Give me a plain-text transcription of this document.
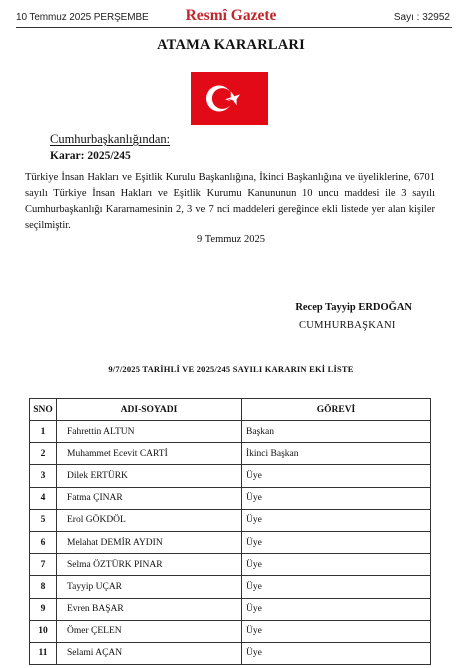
10 Temmuz 2025 PERŞEMBE	Resmî Gazete	Sayı : 32952
ATAMA KARARLARI
Cumhurbaşkanlığından:
Karar: 2025/245
Türkiye İnsan Hakları ve Eşitlik Kurulu Başkanlığına, İkinci Başkanlığına ve üyeliklerine, 6701 sayılı Türkiye İnsan Hakları ve Eşitlik Kurumu Kanununun 10 uncu maddesi ile 3 sayılı Cumhurbaşkanlığı Kararnamesinin 2, 3 ve 7 nci maddeleri gereğince ekli listede yer alan kişiler seçilmiştir.
9 Temmuz 2025
Recep Tayyip ERDOĞAN
CUMHURBAŞKANI
9/7/2025 TARİHLİ VE 2025/245 SAYILI KARARIN EKİ LİSTE
SNO	ADI-SOYADI	GÖREVİ
1	Fahrettin ALTUN	Başkan
2	Muhammet Ecevit CARTİ	İkinci Başkan
3	Dilek ERTÜRK	Üye
4	Fatma ÇINAR	Üye
5	Erol GÖKDÖL	Üye
6	Melahat DEMİR AYDIN	Üye
7	Selma ÖZTÜRK PINAR	Üye
8	Tayyip UÇAR	Üye
9	Evren BAŞAR	Üye
10	Ömer ÇELEN	Üye
11	Selami AÇAN	Üye
